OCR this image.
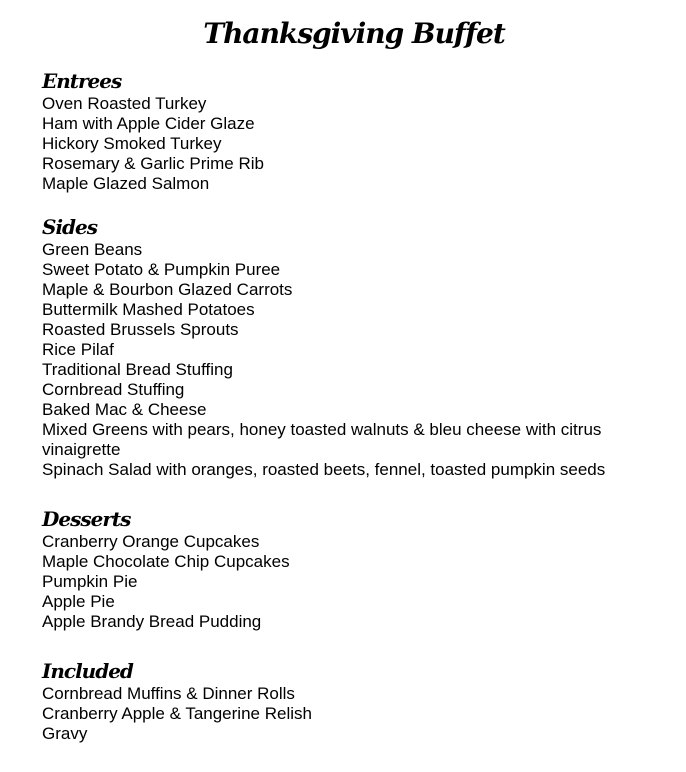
Thanksgiving Buffet
Entrees
Oven Roasted Turkey
Ham with Apple Cider Glaze
Hickory Smoked Turkey
Rosemary & Garlic Prime Rib
Maple Glazed Salmon
Sides
Green Beans
Sweet Potato & Pumpkin Puree
Maple & Bourbon Glazed Carrots
Buttermilk Mashed Potatoes
Roasted Brussels Sprouts
Rice Pilaf
Traditional Bread Stuffing
Cornbread Stuffing
Baked Mac & Cheese
Mixed Greens with pears, honey toasted walnuts & bleu cheese with citrus vinaigrette
Spinach Salad with oranges, roasted beets, fennel, toasted pumpkin seeds
Desserts
Cranberry Orange Cupcakes
Maple Chocolate Chip Cupcakes
Pumpkin Pie
Apple Pie
Apple Brandy Bread Pudding
Included
Cornbread Muffins & Dinner Rolls
Cranberry Apple & Tangerine Relish
Gravy
